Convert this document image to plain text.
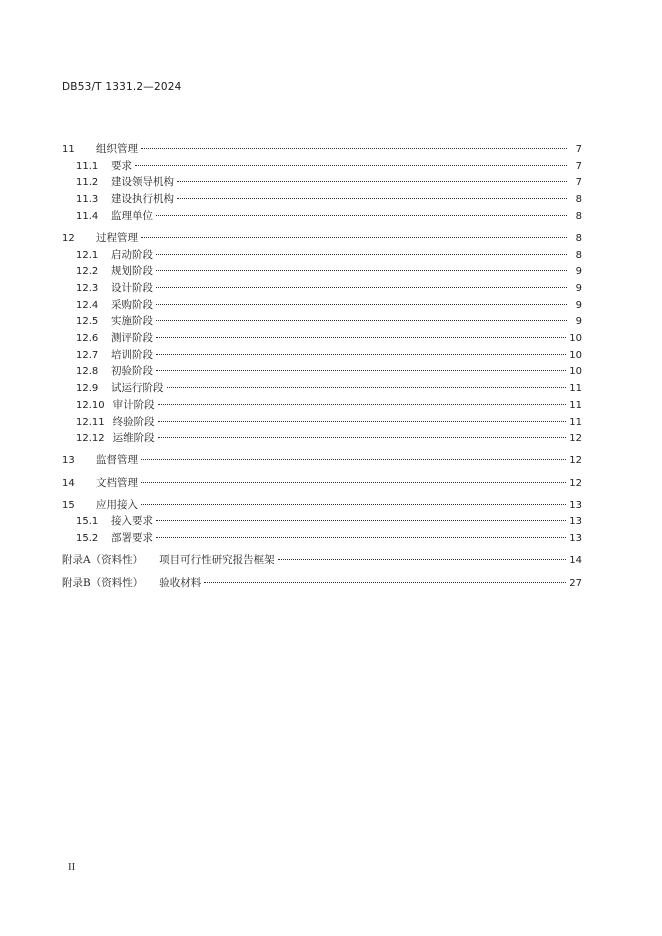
DB53/T 1331.2—2024
11	组织管理	7
11.1	要求	7
11.2	建设领导机构	7
11.3	建设执行机构	8
11.4	监理单位	8
12	过程管理	8
12.1	启动阶段	8
12.2	规划阶段	9
12.3	设计阶段	9
12.4	采购阶段	9
12.5	实施阶段	9
12.6	测评阶段	10
12.7	培训阶段	10
12.8	初验阶段	10
12.9	试运行阶段	11
12.10 审计阶段	11
12.11 终验阶段	11
12.12 运维阶段	12
13	监督管理	12
14	文档管理	12
15	应用接入	13
15.1	接入要求	13
15.2	部署要求	13
附录A（资料性） 项目可行性研究报告框架	14
附录B（资料性） 验收材料	27
II
